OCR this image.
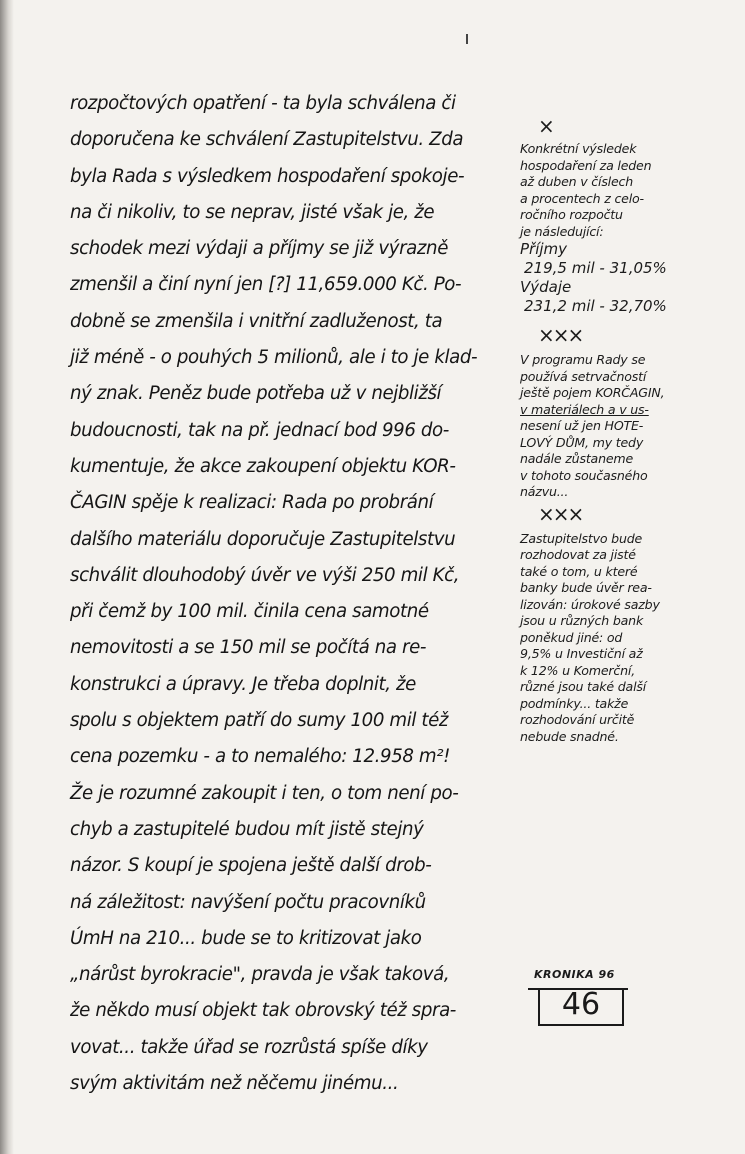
rozpočtových opatření - ta byla schválena či
doporučena ke schválení Zastupitelstvu. Zda
byla Rada s výsledkem hospodaření spokoje-
na či nikoliv, to se neprav, jisté však je, že
schodek mezi výdaji a příjmy se již výrazně
zmenšil a činí nyní jen [?] 11,659.000 Kč. Po-
dobně se zmenšila i vnitřní zadluženost, ta
již méně - o pouhých 5 milionů, ale i to je klad-
ný znak. Peněz bude potřeba už v nejbližší
budoucnosti, tak na př. jednací bod 996 do-
kumentuje, že akce zakoupení objektu KOR-
ČAGIN spěje k realizaci: Rada po probrání
dalšího materiálu doporučuje Zastupitelstvu
schválit dlouhodobý úvěr ve výši 250 mil Kč,
při čemž by 100 mil. činila cena samotné
nemovitosti a se 150 mil se počítá na re-
konstrukci a úpravy. Je třeba doplnit, že
spolu s objektem patří do sumy 100 mil též
cena pozemku - a to nemalého: 12.958 m²!
Že je rozumné zakoupit i ten, o tom není po-
chyb a zastupitelé budou mít jistě stejný
názor. S koupí je spojena ještě další drob-
ná záležitost: navýšení počtu pracovníků
ÚmH na 210... bude se to kritizovat jako
„nárůst byrokracie", pravda je však taková,
že někdo musí objekt tak obrovský též spra-
vovat... takže úřad se rozrůstá spíše díky
svým aktivitám než něčemu jinému...
×
Konkrétní výsledek
hospodaření za leden
až duben v číslech
a procentech z celo-
ročního rozpočtu
je následující:
Příjmy
219,5 mil - 31,05%
Výdaje
231,2 mil - 32,70%
×××
V programu Rady se
používá setrvačností
ještě pojem KORČAGIN,
v materiálech a v us-
nesení už jen HOTE-
LOVÝ DŮM, my tedy
nadále zůstaneme
v tohoto současného
názvu...
×××
Zastupitelstvo bude
rozhodovat za jisté
také o tom, u které
banky bude úvěr rea-
lizován: úrokové sazby
jsou u různých bank
poněkud jiné: od
9,5% u Investiční až
k 12% u Komerční,
různé jsou také další
podmínky... takže
rozhodování určitě
nebude snadné.
KRONIKA 96
46
